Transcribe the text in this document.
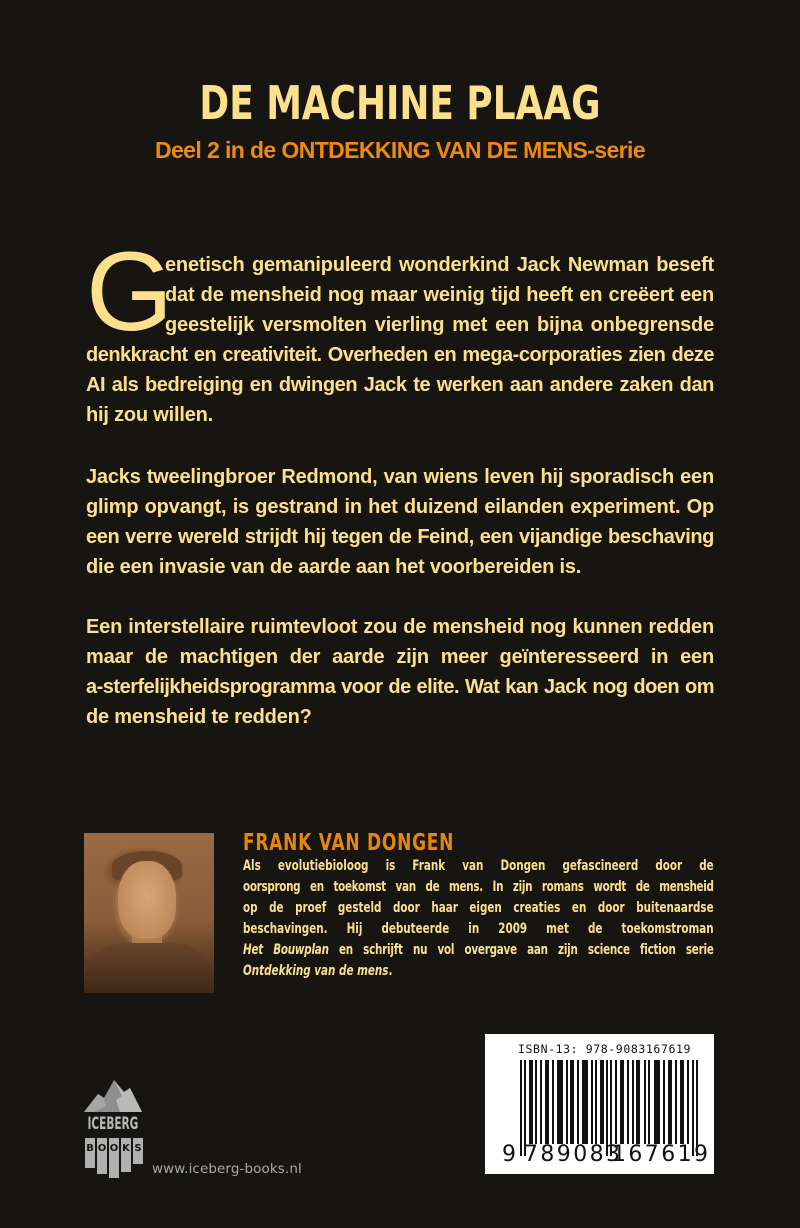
DE MACHINE PLAAG
Deel 2 in de ONTDEKKING VAN DE MENS-serie
G
enetisch gemanipuleerd wonderkind Jack Newman beseft
dat de mensheid nog maar weinig tijd heeft en creëert een
geestelijk versmolten vierling met een bijna onbegrensde
denkkracht en creativiteit. Overheden en mega-corporaties zien deze
AI als bedreiging en dwingen Jack te werken aan andere zaken dan
hij zou willen.
Jacks tweelingbroer Redmond, van wiens leven hij sporadisch een
glimp opvangt, is gestrand in het duizend eilanden experiment. Op
een verre wereld strijdt hij tegen de Feind, een vijandige beschaving
die een invasie van de aarde aan het voorbereiden is.
Een interstellaire ruimtevloot zou de mensheid nog kunnen redden
maar de machtigen der aarde zijn meer geïnteresseerd in een
a-sterfelijkheidsprogramma voor de elite. Wat kan Jack nog doen om
de mensheid te redden?
FRANK VAN DONGEN
Als evolutiebioloog is Frank van Dongen gefascineerd door de
oorsprong en toekomst van de mens. In zijn romans wordt de mensheid
op de proef gesteld door haar eigen creaties en door buitenaardse
beschavingen. Hij debuteerde in 2009 met de toekomstroman
Het Bouwplan en schrijft nu vol overgave aan zijn science fiction serie
Ontdekking van de mens.
ISBN-13: 978-9083167619
9 789083
167619
ICEBERG
B O O K S
www.iceberg-books.nl
